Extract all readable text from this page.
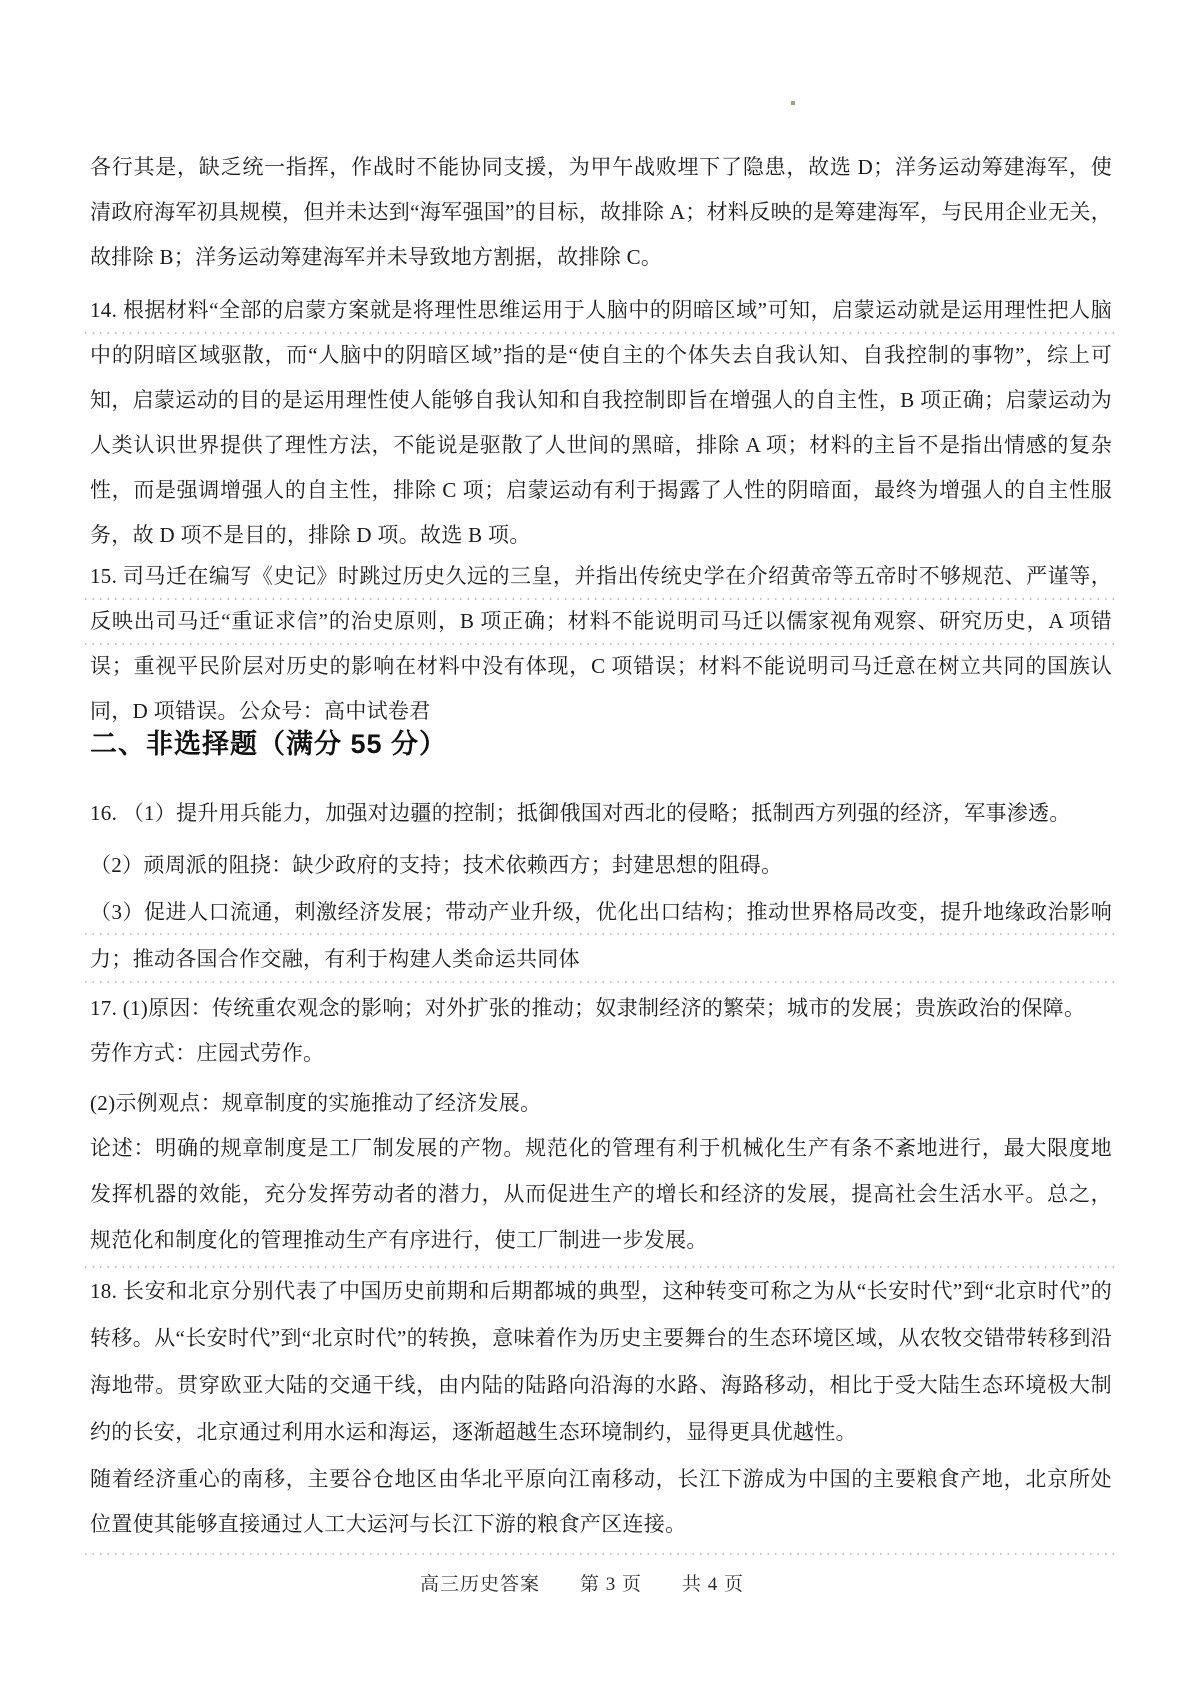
各行其是，缺乏统一指挥，作战时不能协同支援，为甲午战败埋下了隐患，故选 D；洋务运动筹建海军，使清政府海军初具规模，但并未达到“海军强国”的目标，故排除 A；材料反映的是筹建海军，与民用企业无关，故排除 B；洋务运动筹建海军并未导致地方割据，故排除 C。

14. 根据材料“全部的启蒙方案就是将理性思维运用于人脑中的阴暗区域”可知，启蒙运动就是运用理性把人脑中的阴暗区域驱散，而“人脑中的阴暗区域”指的是“使自主的个体失去自我认知、自我控制的事物”，综上可知，启蒙运动的目的是运用理性使人能够自我认知和自我控制即旨在增强人的自主性，B 项正确；启蒙运动为人类认识世界提供了理性方法，不能说是驱散了人世间的黑暗，排除 A 项；材料的主旨不是指出情感的复杂性，而是强调增强人的自主性，排除 C 项；启蒙运动有利于揭露了人性的阴暗面，最终为增强人的自主性服务，故 D 项不是目的，排除 D 项。故选 B 项。

15. 司马迁在编写《史记》时跳过历史久远的三皇，并指出传统史学在介绍黄帝等五帝时不够规范、严谨等，反映出司马迁“重证求信”的治史原则，B 项正确；材料不能说明司马迁以儒家视角观察、研究历史，A 项错误；重视平民阶层对历史的影响在材料中没有体现，C 项错误；材料不能说明司马迁意在树立共同的国族认同，D 项错误。公众号：高中试卷君

二、非选择题（满分 55 分）

16. （1）提升用兵能力，加强对边疆的控制；抵御俄国对西北的侵略；抵制西方列强的经济，军事渗透。

（2）顽周派的阻挠：缺少政府的支持；技术依赖西方；封建思想的阻碍。

（3）促进人口流通，刺激经济发展；带动产业升级，优化出口结构；推动世界格局改变，提升地缘政治影响力；推动各国合作交融，有利于构建人类命运共同体

17. (1)原因：传统重农观念的影响；对外扩张的推动；奴隶制经济的繁荣；城市的发展；贵族政治的保障。

劳作方式：庄园式劳作。

(2)示例观点：规章制度的实施推动了经济发展。

论述：明确的规章制度是工厂制发展的产物。规范化的管理有利于机械化生产有条不紊地进行，最大限度地发挥机器的效能，充分发挥劳动者的潜力，从而促进生产的增长和经济的发展，提高社会生活水平。总之，规范化和制度化的管理推动生产有序进行，使工厂制进一步发展。

18. 长安和北京分别代表了中国历史前期和后期都城的典型，这种转变可称之为从“长安时代”到“北京时代”的转移。从“长安时代”到“北京时代”的转换，意味着作为历史主要舞台的生态环境区域，从农牧交错带转移到沿海地带。贯穿欧亚大陆的交通干线，由内陆的陆路向沿海的水路、海路移动，相比于受大陆生态环境极大制约的长安，北京通过利用水运和海运，逐渐超越生态环境制约，显得更具优越性。

随着经济重心的南移，主要谷仓地区由华北平原向江南移动，长江下游成为中国的主要粮食产地，北京所处位置使其能够直接通过人工大运河与长江下游的粮食产区连接。

高三历史答案 第 3 页 共 4 页
